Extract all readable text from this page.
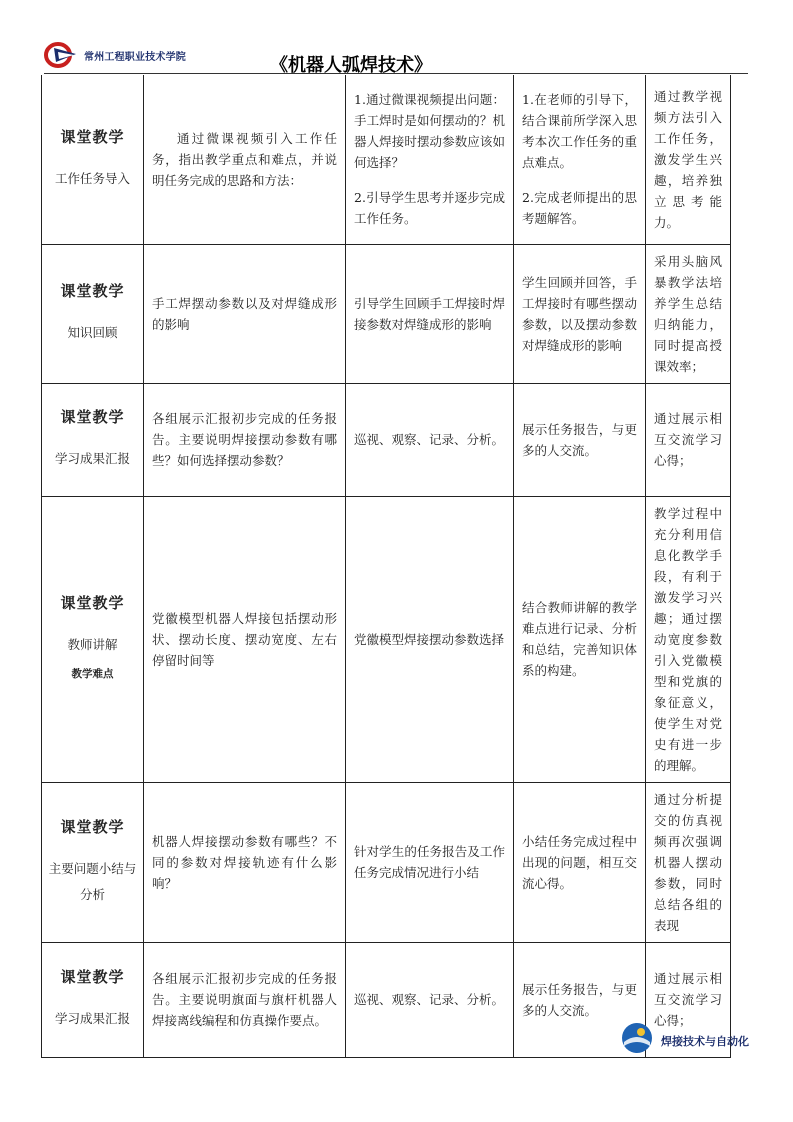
常州工程职业技术学院	《机器人弧焊技术》
课堂教学
工作任务导入	通过微课视频引入工作任务，指出教学重点和难点，并说明任务完成的思路和方法：	1.通过微课视频提出问题：手工焊时是如何摆动的？机器人焊接时摆动参数应该如何选择？
2.引导学生思考并逐步完成工作任务。	1.在老师的引导下，结合课前所学深入思考本次工作任务的重点难点。
2.完成老师提出的思考题解答。	通过教学视频方法引入工作任务，激发学生兴趣，培养独立思考能力。

课堂教学
知识回顾	手工焊摆动参数以及对焊缝成形的影响	引导学生回顾手工焊接时焊接参数对焊缝成形的影响	学生回顾并回答，手工焊接时有哪些摆动参数，以及摆动参数对焊缝成形的影响	采用头脑风暴教学法培养学生总结归纳能力，同时提高授课效率；

课堂教学
学习成果汇报	各组展示汇报初步完成的任务报告。主要说明焊接摆动参数有哪些？如何选择摆动参数？	巡视、观察、记录、分析。	展示任务报告，与更多的人交流。	通过展示相互交流学习心得；

课堂教学
教师讲解
教学难点	党徽模型机器人焊接包括摆动形状、摆动长度、摆动宽度、左右停留时间等	党徽模型焊接摆动参数选择	结合教师讲解的教学难点进行记录、分析和总结，完善知识体系的构建。	教学过程中充分利用信息化教学手段，有利于激发学习兴趣；通过摆动宽度参数引入党徽模型和党旗的象征意义，使学生对党史有进一步的理解。

课堂教学
主要问题小结与分析	机器人焊接摆动参数有哪些？不同的参数对焊接轨迹有什么影响？	针对学生的任务报告及工作任务完成情况进行小结	小结任务完成过程中出现的问题，相互交流心得。	通过分析提交的仿真视频再次强调机器人摆动参数，同时总结各组的表现

课堂教学
学习成果汇报	各组展示汇报初步完成的任务报告。主要说明旗面与旗杆机器人焊接离线编程和仿真操作要点。	巡视、观察、记录、分析。	展示任务报告，与更多的人交流。	通过展示相互交流学习心得；
焊接技术与自动化
